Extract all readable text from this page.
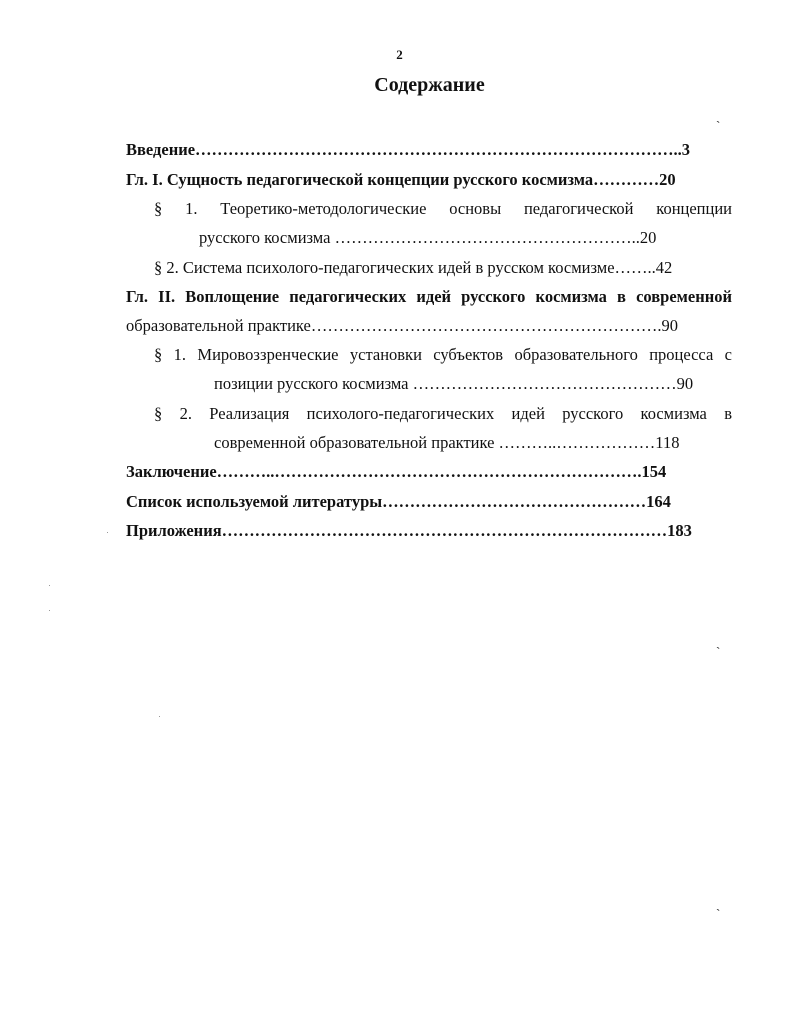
2
Содержание
Введение……………………………………………………………………………..3
Гл. I. Сущность педагогической концепции русского космизма…………20
§ 1. Теоретико-методологические основы педагогической концепции
русского космизма ………………………………………………..20
§ 2. Система психолого-педагогических идей в русском космизме……..42
Гл. II. Воплощение педагогических идей русского космизма в современной
образовательной практике……………………………………………………….90
§ 1. Мировоззренческие установки субъектов образовательного процесса с
позиции русского космизма …………………………………………90
§ 2. Реализация психолого-педагогических идей русского космизма в
современной образовательной практике ………..………………118
Заключение………..………………………………………………………….154
Список используемой литературы…………………………………………164
Приложения………………………………………………………………………183
`
`
`
